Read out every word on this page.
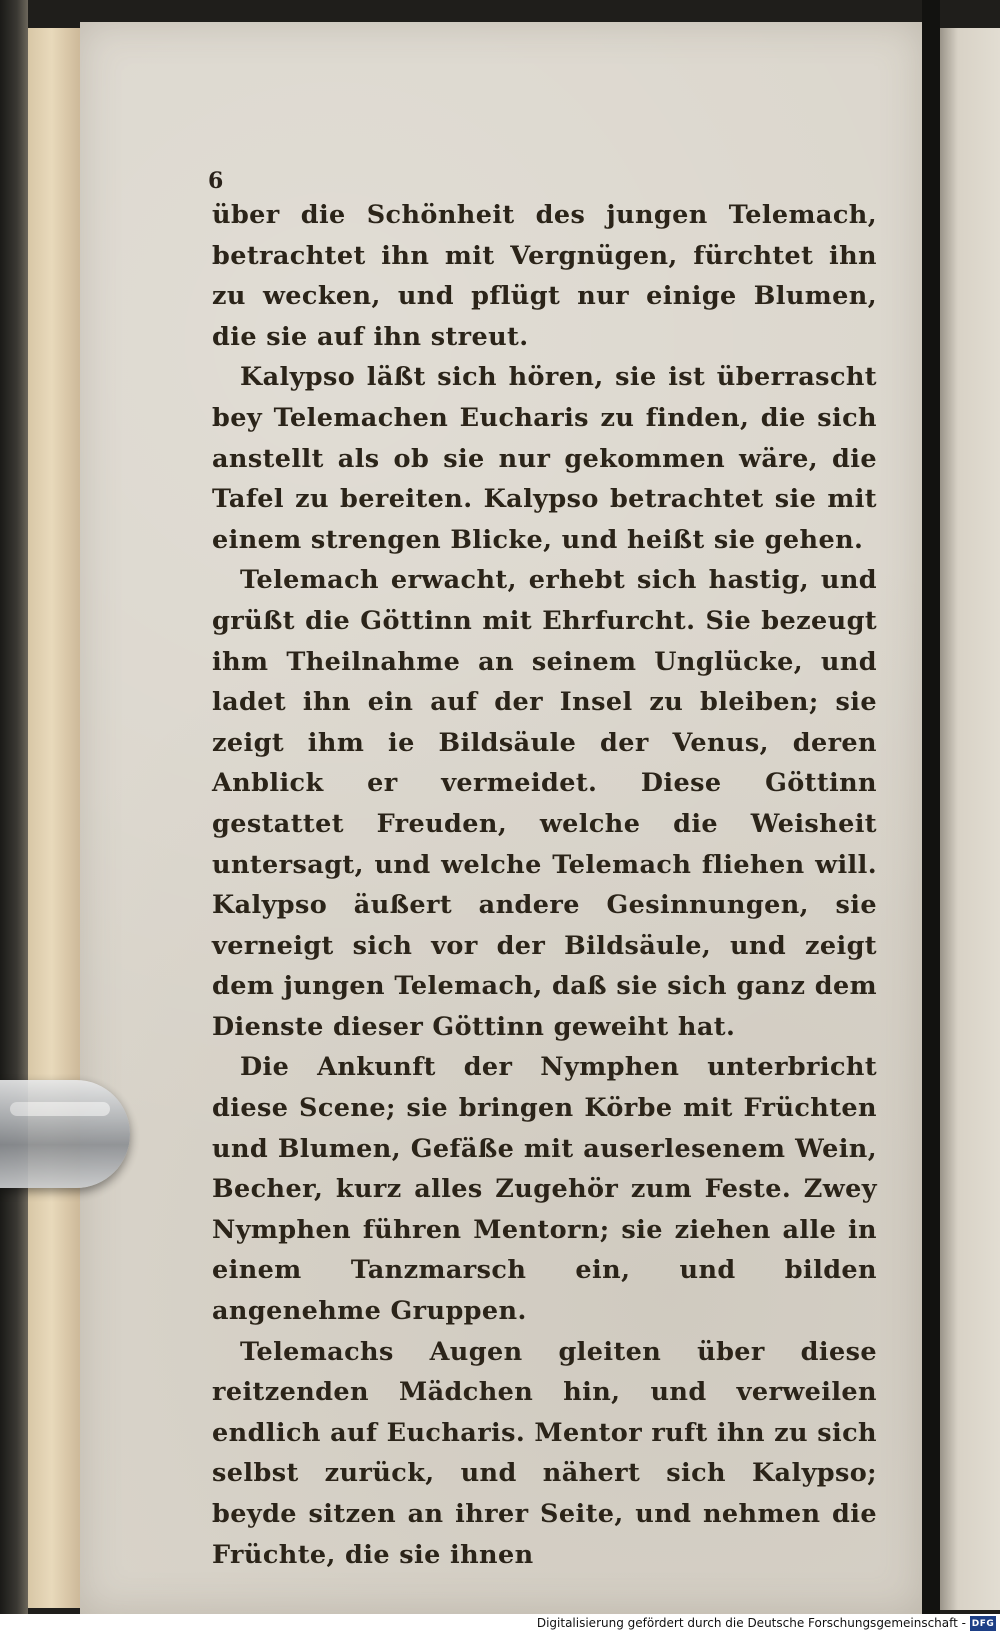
6

über die Schönheit des jungen Telemach, betrachtet ihn mit Vergnügen, fürchtet ihn zu wecken, und pflügt nur einige Blumen, die sie auf ihn streut.

Kalypso läßt sich hören, sie ist überrascht bey Telemachen Eucharis zu finden, die sich anstellt als ob sie nur gekommen wäre, die Tafel zu bereiten. Kalypso betrachtet sie mit einem strengen Blicke, und heißt sie gehen.

Telemach erwacht, erhebt sich hastig, und grüßt die Göttinn mit Ehrfurcht. Sie bezeugt ihm Theilnahme an seinem Unglücke, und ladet ihn ein auf der Insel zu bleiben; sie zeigt ihm ie Bildsäule der Venus, deren Anblick er vermeidet. Diese Göttinn gestattet Freuden, welche die Weisheit untersagt, und welche Telemach fliehen will. Kalypso äußert andere Gesinnungen, sie verneigt sich vor der Bildsäule, und zeigt dem jungen Telemach, daß sie sich ganz dem Dienste dieser Göttinn geweiht hat.

Die Ankunft der Nymphen unterbricht diese Scene; sie bringen Körbe mit Früchten und Blumen, Gefäße mit auserlesenem Wein, Becher, kurz alles Zugehör zum Feste. Zwey Nymphen führen Mentorn; sie ziehen alle in einem Tanzmarsch ein, und bilden angenehme Gruppen.

Telemachs Augen gleiten über diese reitzenden Mädchen hin, und verweilen endlich auf Eucharis. Mentor ruft ihn zu sich selbst zurück, und nähert sich Kalypso; beyde sitzen an ihrer Seite, und nehmen die Früchte, die sie ihnen

Digitalisierung gefördert durch die Deutsche Forschungsgemeinschaft - DFG
